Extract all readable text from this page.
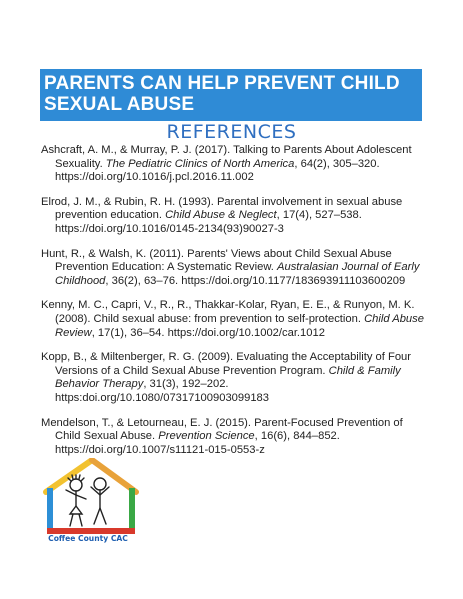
PARENTS CAN HELP PREVENT CHILD SEXUAL ABUSE
REFERENCES

Ashcraft, A. M., & Murray, P. J. (2017). Talking to Parents About Adolescent Sexuality. The Pediatric Clinics of North America, 64(2), 305–320. https://doi.org/10.1016/j.pcl.2016.11.002

Elrod, J. M., & Rubin, R. H. (1993). Parental involvement in sexual abuse prevention education. Child Abuse & Neglect, 17(4), 527–538. https://doi.org/10.1016/0145-2134(93)90027-3

Hunt, R., & Walsh, K. (2011). Parents' Views about Child Sexual Abuse Prevention Education: A Systematic Review. Australasian Journal of Early Childhood, 36(2), 63–76. https://doi.org/10.1177/183693911103600209

Kenny, M. C., Capri, V., R., R., Thakkar-Kolar, Ryan, E. E., & Runyon, M. K. (2008). Child sexual abuse: from prevention to self-protection. Child Abuse Review, 17(1), 36–54. https://doi.org/10.1002/car.1012

Kopp, B., & Miltenberger, R. G. (2009). Evaluating the Acceptability of Four Versions of a Child Sexual Abuse Prevention Program. Child & Family Behavior Therapy, 31(3), 192–202. https:doi.org/10.1080/07317100903099183

Mendelson, T., & Letourneau, E. J. (2015). Parent-Focused Prevention of Child Sexual Abuse. Prevention Science, 16(6), 844–852. https://doi.org/10.1007/s11121-015-0553-z

Coffee County CAC
